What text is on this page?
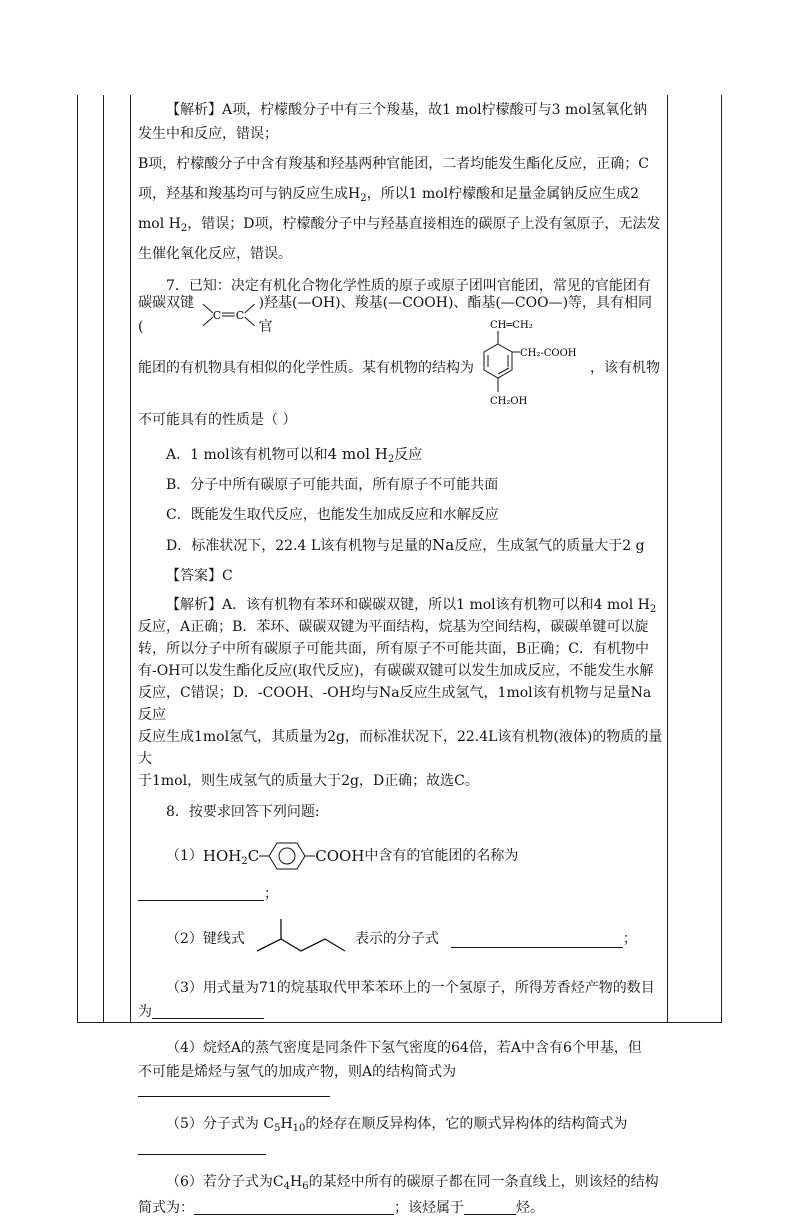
【解析】A项，柠檬酸分子中有三个羧基，故1 mol柠檬酸可与3 mol氢氧化钠

发生中和反应，错误；

B项，柠檬酸分子中含有羧基和羟基两种官能团，二者均能发生酯化反应，正确；C

项，羟基和羧基均可与钠反应生成$H_2$，所以1 mol柠檬酸和足量金属钠反应生成2

mol $H_2$，错误；D项，柠檬酸分子中与羟基直接相连的碳原子上没有氢原子，无法发

生催化氧化反应，错误。

7．已知：决定有机化合物化学性质的原子或原子团叫官能团，常见的官能团有

碳碳双键(
C C
)羟基(—OH)、羧基(—COOH)、酯基(—COO—)等，具有相同官

能团的有机物具有相似的化学性质。某有机物的结构为
CH═CH₂
CH₂-COOH
CH₂OH
，该有机物

不可能具有的性质是（ ）

A．1 mol该有机物可以和4 mol $H_2$反应

B．分子中所有碳原子可能共面，所有原子不可能共面

C．既能发生取代反应，也能发生加成反应和水解反应

D．标准状况下，22.4 L该有机物与足量的Na反应，生成氢气的质量大于2 g

【答案】C

【解析】A．该有机物有苯环和碳碳双键，所以1 mol该有机物可以和4 mol $H_2$

反应，A正确；B．苯环、碳碳双键为平面结构，烷基为空间结构，碳碳单键可以旋

转，所以分子中所有碳原子可能共面，所有原子不可能共面，B正确；C．有机物中

有-OH可以发生酯化反应(取代反应)，有碳碳双键可以发生加成反应，不能发生水解

反应，C错误；D．-COOH、-OH均与Na反应生成氢气，1mol该有机物与足量Na反应

反应生成1mol氢气，其质量为2g，而标准状况下，22.4L该有机物(液体)的物质的量大

于1mol，则生成氢气的质量大于2g，D正确；故选C。

8．按要求回答下列问题:

（1） $HOH_2C$	COOH 中含有的官能团的名称为

；

（2）键线式	表示的分子式	；

（3）用式量为71的烷基取代甲苯苯环上的一个氢原子，所得芳香烃产物的数目

为

（4）烷烃A的蒸气密度是同条件下氢气密度的64倍，若A中含有6个甲基，但

不可能是烯烃与氢气的加成产物，则A的结构简式为

（5）分子式为 $C_5H_{10}$的烃存在顺反异构体，它的顺式异构体的结构简式为

（6）若分子式为$C_4H_6$的某烃中所有的碳原子都在同一条直线上，则该烃的结构

简式为：	；该烃属于	烃。
